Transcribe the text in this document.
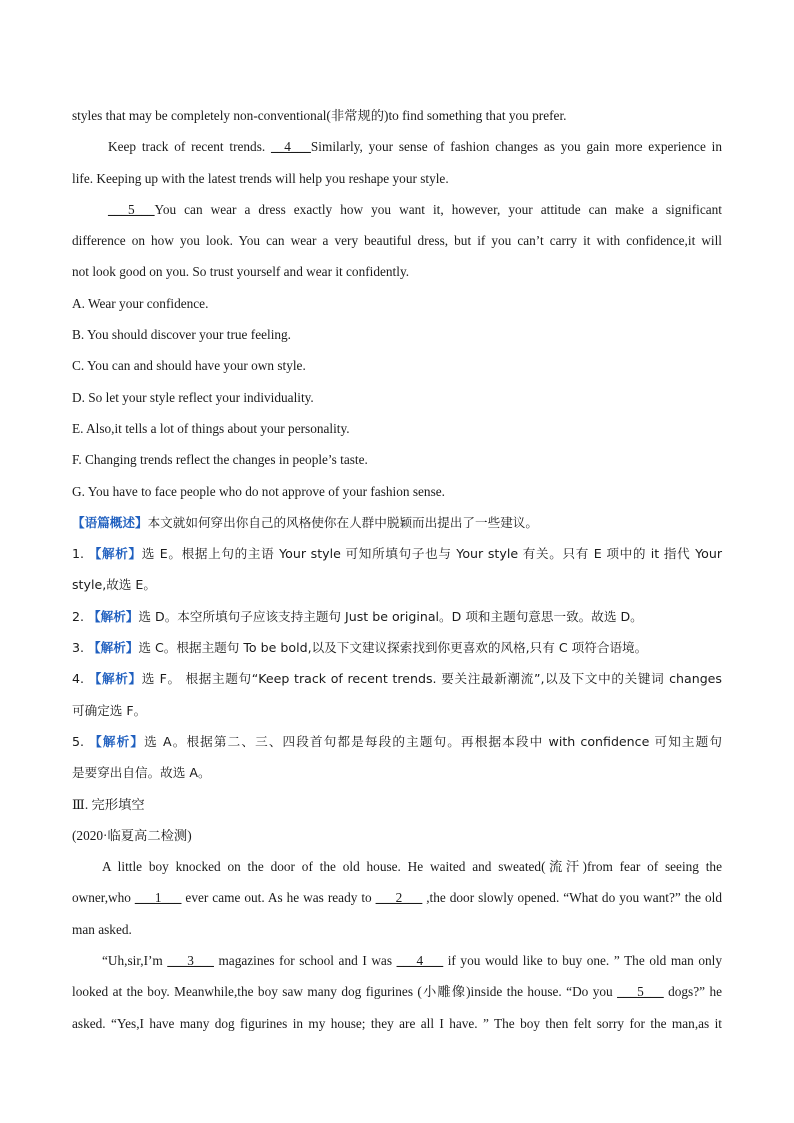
styles that may be completely non-conventional(非常规的)to find something that you prefer.

Keep track of recent trends. __4___Similarly, your sense of fashion changes as you gain more experience in

life. Keeping up with the latest trends will help you reshape your style.

___5___You can wear a dress exactly how you want it, however, your attitude can make a significant

difference on how you look. You can wear a very beautiful dress, but if you can’t carry it with confidence,it will

not look good on you. So trust yourself and wear it confidently.

A. Wear your confidence.

B. You should discover your true feeling.

C. You can and should have your own style.

D. So let your style reflect your individuality.

E. Also,it tells a lot of things about your personality.

F. Changing trends reflect the changes in people’s taste.

G. You have to face people who do not approve of your fashion sense.

【语篇概述】本文就如何穿出你自己的风格使你在人群中脱颖而出提出了一些建议。

1. 【解析】选 E。根据上句的主语 Your style 可知所填句子也与 Your style 有关。只有 E 项中的 it 指代 Your

style,故选 E。

2. 【解析】选 D。本空所填句子应该支持主题句 Just be original。D 项和主题句意思一致。故选 D。

3. 【解析】选 C。根据主题句 To be bold,以及下文建议探索找到你更喜欢的风格,只有 C 项符合语境。

4. 【解析】选 F。 根据主题句“Keep track of recent trends. 要关注最新潮流”,以及下文中的关键词 changes

可确定选 F。

5. 【解析】选 A。根据第二、三、四段首句都是每段的主题句。再根据本段中 with confidence 可知主题句

是要穿出自信。故选 A。

Ⅲ. 完形填空

(2020·临夏高二检测)

A little boy knocked on the door of the old house. He waited and sweated(流汗)from fear of seeing the

owner,who ___1___ ever came out. As he was ready to ___2___ ,the door slowly opened. “What do you want?” the old

man asked.

“Uh,sir,I’m ___3___ magazines for school and I was ___4___ if you would like to buy one. ” The old man only

looked at the boy. Meanwhile,the boy saw many dog figurines (小雕像)inside the house. “Do you ___5___ dogs?” he

asked. “Yes,I have many dog figurines in my house; they are all I have. ” The boy then felt sorry for the man,as it
